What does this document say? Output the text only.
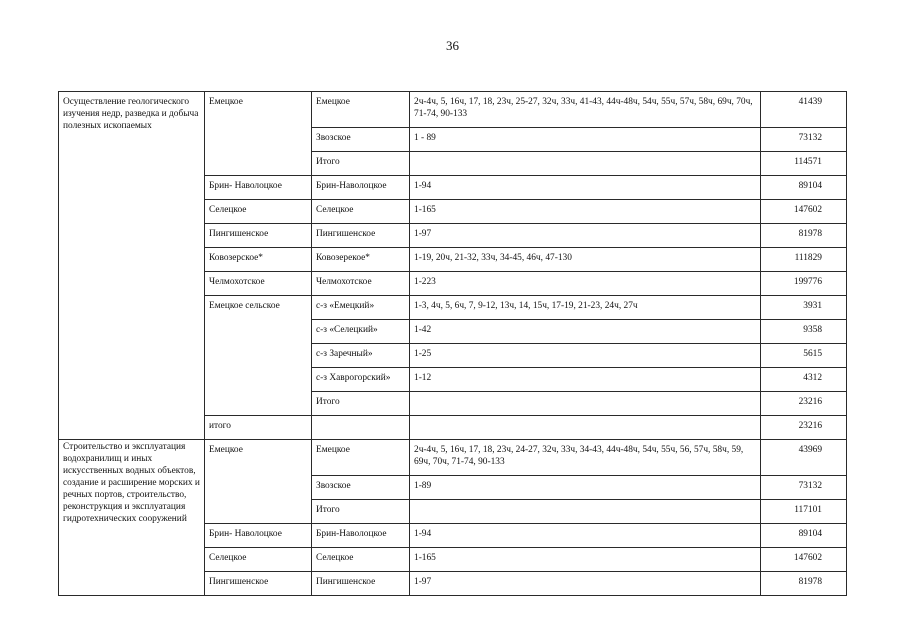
36
Осуществление геологического изучения недр, разведка и добыча полезных ископаемых	Емецкое	Емецкое	2ч-4ч, 5, 16ч, 17, 18, 23ч, 25-27, 32ч, 33ч, 41-43, 44ч-48ч, 54ч, 55ч, 57ч, 58ч, 69ч, 70ч, 71-74, 90-133	41439
		Звозское	1 - 89	73132
		Итого		114571
	Брин- Наволоцкое	Брин-Наволоцкое	1-94	89104
	Селецкое	Селецкое	1-165	147602
	Пингишенское	Пингишенское	1-97	81978
	Ковозерское*	Ковозерекое*	1-19, 20ч, 21-32, 33ч, 34-45, 46ч, 47-130	111829
	Челмохотское	Челмохотское	1-223	199776
	Емецкое сельское	с-з «Емецкий»	1-3, 4ч, 5, 6ч, 7, 9-12, 13ч, 14, 15ч, 17-19, 21-23, 24ч, 27ч	3931
		с-з «Селецкий»	1-42	9358
		с-з Заречный»	1-25	5615
		с-з Хаврогорский»	1-12	4312
		Итого		23216
	итого			23216
Строительство и эксплуатация водохранилищ и иных искусственных водных объектов, создание и расширение морских и речных портов, строительство, реконструкция и эксплуатация гидротехнических сооружений	Емецкое	Емецкое	2ч-4ч, 5, 16ч, 17, 18, 23ч, 24-27, 32ч, 33ч, 34-43, 44ч-48ч, 54ч, 55ч, 56, 57ч, 58ч, 59, 69ч, 70ч, 71-74, 90-133	43969
		Звозское	1-89	73132
		Итого		117101
	Брин- Наволоцкое	Брин-Наволоцкое	1-94	89104
	Селецкое	Селецкое	1-165	147602
	Пингишенское	Пингишенское	1-97	81978
